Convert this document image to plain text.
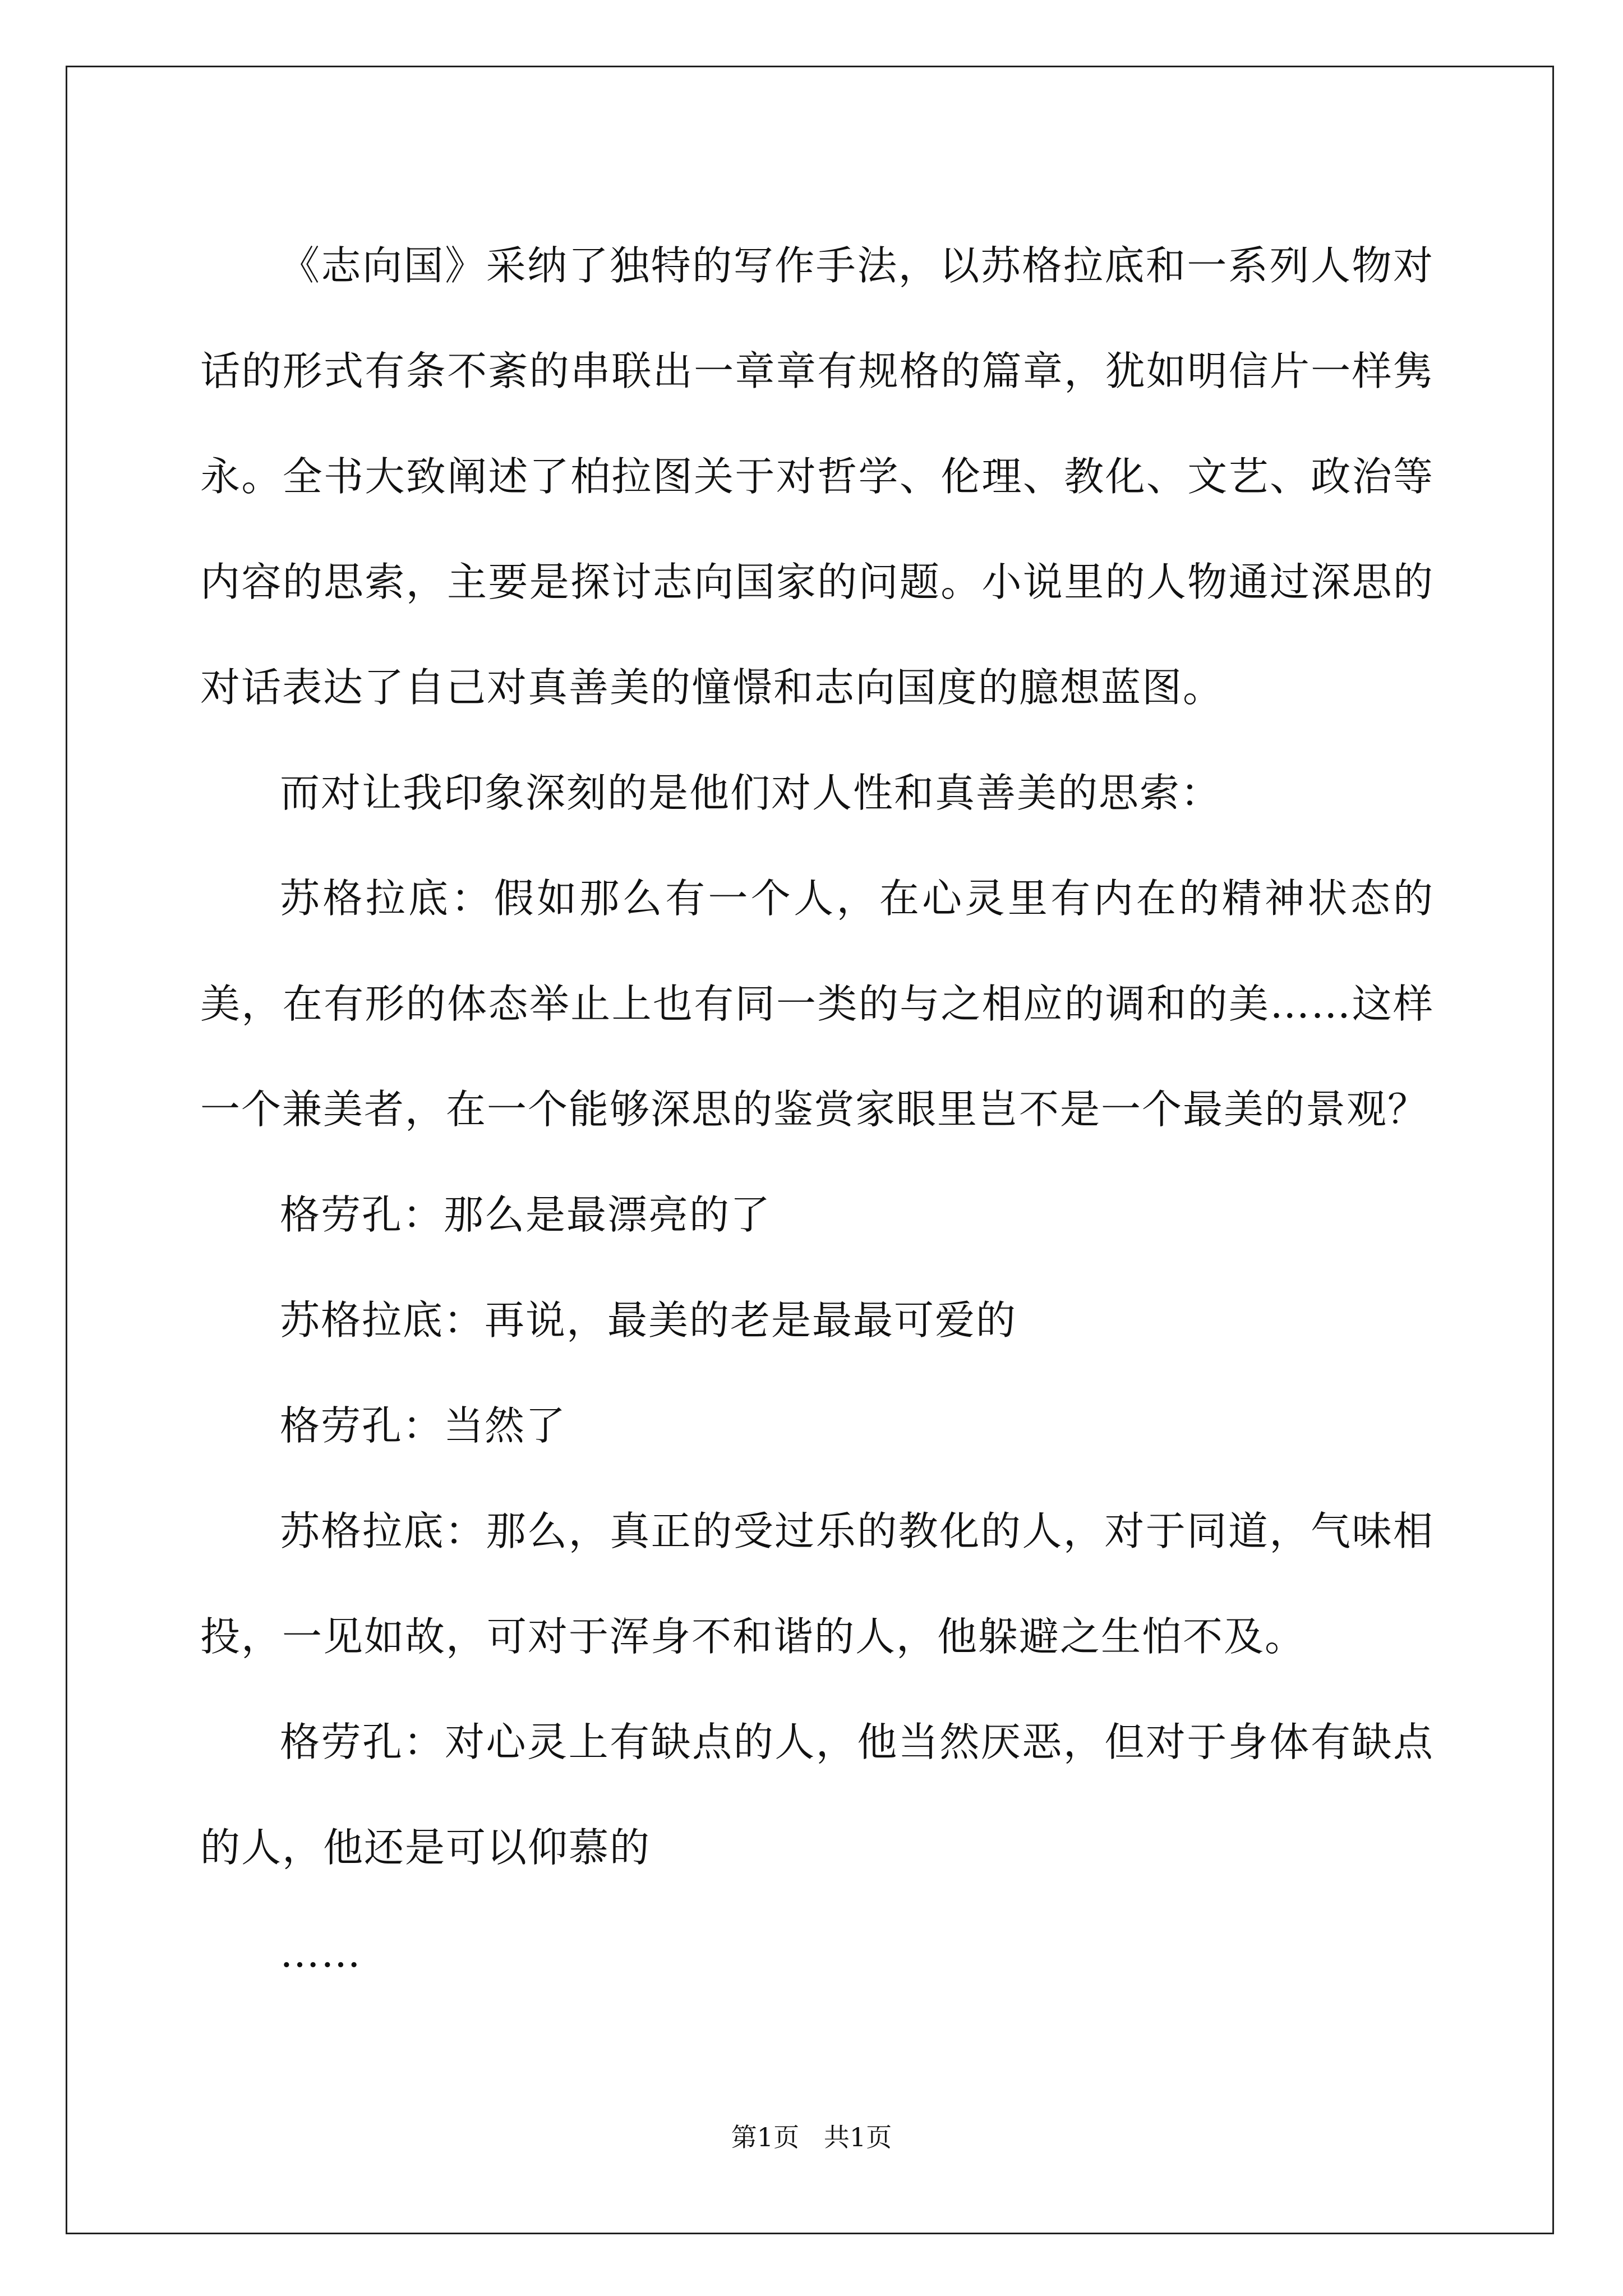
《志向国》采纳了独特的写作手法，以苏格拉底和一系列人物对话的形式有条不紊的串联出一章章有规格的篇章，犹如明信片一样隽永。全书大致阐述了柏拉图关于对哲学、伦理、教化、文艺、政治等内容的思索，主要是探讨志向国家的问题。小说里的人物通过深思的对话表达了自己对真善美的憧憬和志向国度的臆想蓝图。

而对让我印象深刻的是他们对人性和真善美的思索：

苏格拉底：假如那么有一个人，在心灵里有内在的精神状态的美，在有形的体态举止上也有同一类的与之相应的调和的美……这样一个兼美者，在一个能够深思的鉴赏家眼里岂不是一个最美的景观？

格劳孔：那么是最漂亮的了

苏格拉底：再说，最美的老是最最可爱的

格劳孔：当然了

苏格拉底：那么，真正的受过乐的教化的人，对于同道，气味相投，一见如故，可对于浑身不和谐的人，他躲避之生怕不及。

格劳孔：对心灵上有缺点的人，他当然厌恶，但对于身体有缺点的人，他还是可以仰慕的

……

第1页   共1页
